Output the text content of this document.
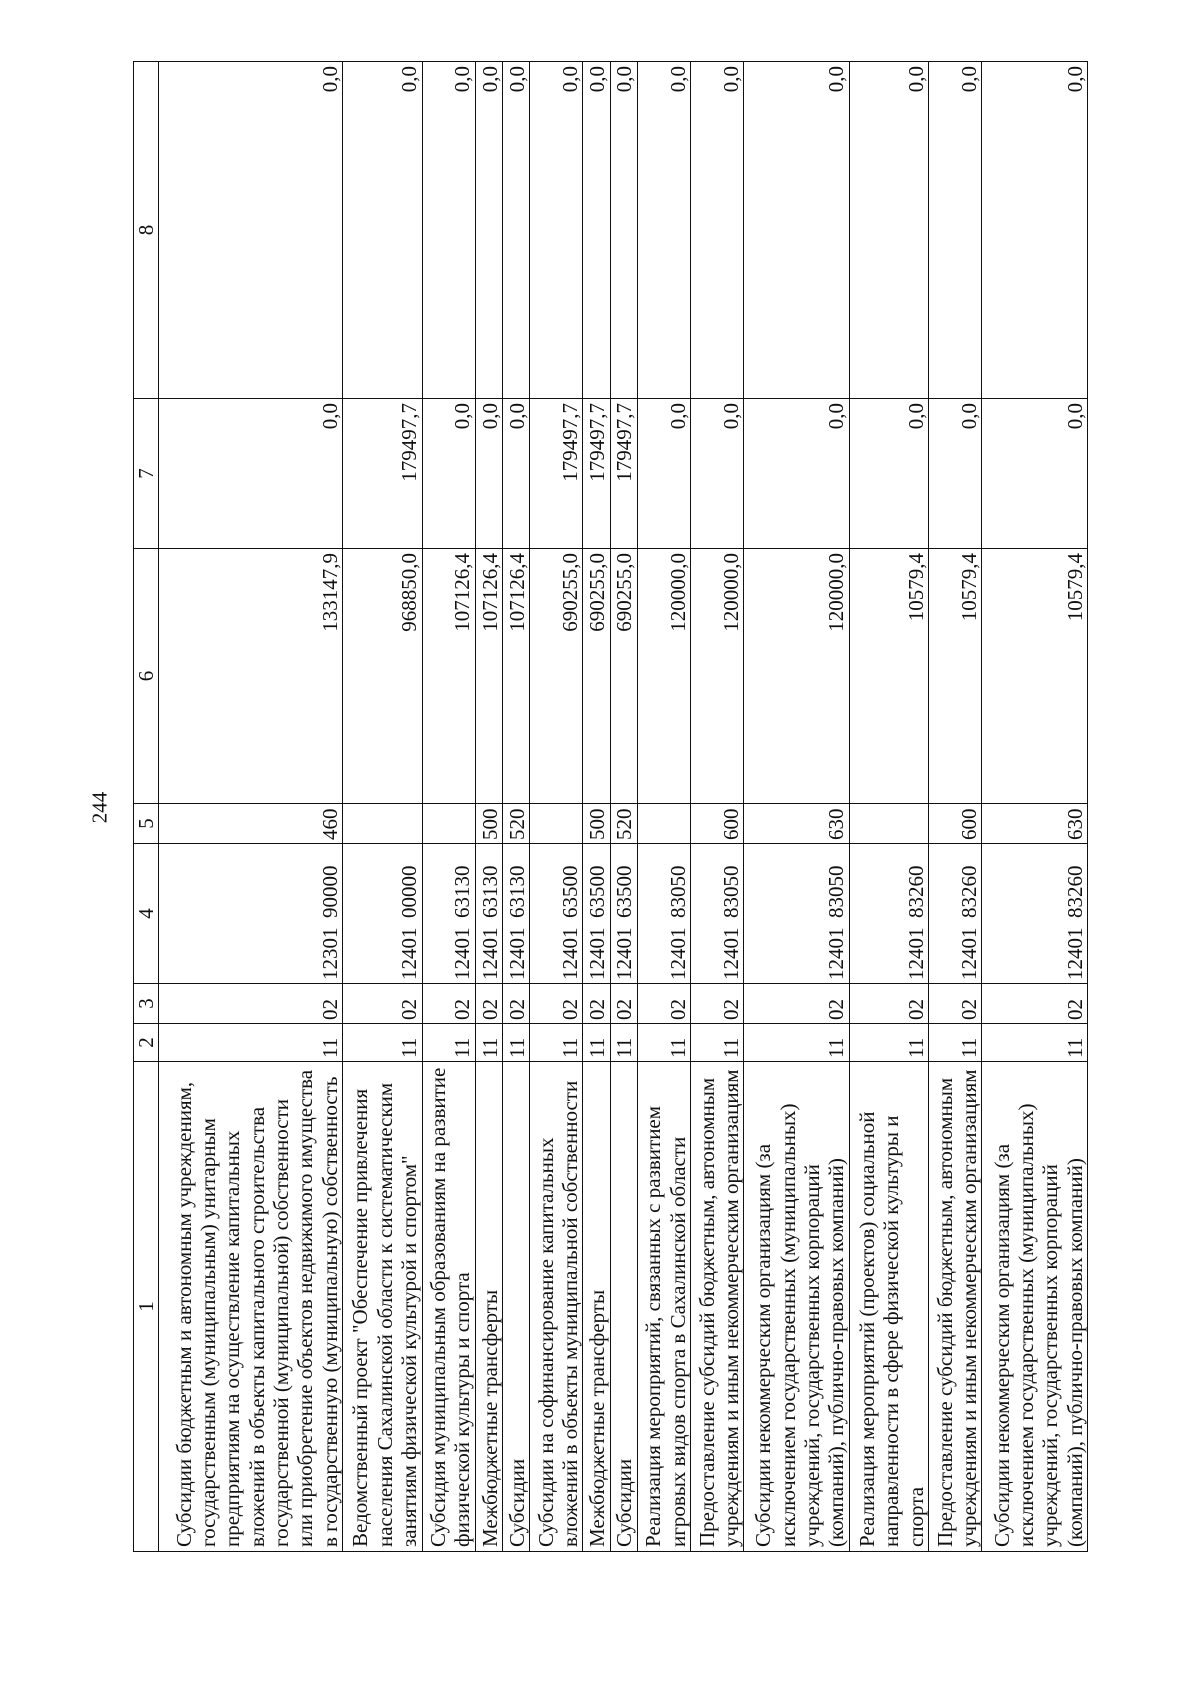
244
1	2	3	4	5	6	7	8
Субсидии бюджетным и автономным учреждениям, государственным (муниципальным) унитарным предприятиям на осуществление капитальных вложений в объекты капитального строительства государственной (муниципальной) собственности или приобретение объектов недвижимого имущества в государственную (муниципальную) собственность	11	02	1230190000	460	133147,9	0,0	0,0
Ведомственный проект "Обеспечение привлечения населения Сахалинской области к систематическим занятиям физической культурой и спортом"	11	02	1240100000		968850,0	179497,7	0,0
Субсидия муниципальным образованиям на развитие физической культуры и спорта	11	02	1240163130		107126,4	0,0	0,0
Межбюджетные трансферты	11	02	1240163130	500	107126,4	0,0	0,0
Субсидии	11	02	1240163130	520	107126,4	0,0	0,0
Субсидии на софинансирование капитальных вложений в объекты муниципальной собственности	11	02	1240163500		690255,0	179497,7	0,0
Межбюджетные трансферты	11	02	1240163500	500	690255,0	179497,7	0,0
Субсидии	11	02	1240163500	520	690255,0	179497,7	0,0
Реализация мероприятий, связанных с развитием игровых видов спорта в Сахалинской области	11	02	1240183050		120000,0	0,0	0,0
Предоставление субсидий бюджетным, автономным учреждениям и иным некоммерческим организациям	11	02	1240183050	600	120000,0	0,0	0,0
Субсидии некоммерческим организациям (за исключением государственных (муниципальных) учреждений, государственных корпораций (компаний), публично-правовых компаний)	11	02	1240183050	630	120000,0	0,0	0,0
Реализация мероприятий (проектов) социальной направленности в сфере физической культуры и спорта	11	02	1240183260		10579,4	0,0	0,0
Предоставление субсидий бюджетным, автономным учреждениям и иным некоммерческим организациям	11	02	1240183260	600	10579,4	0,0	0,0
Субсидии некоммерческим организациям (за исключением государственных (муниципальных) учреждений, государственных корпораций (компаний), публично-правовых компаний)	11	02	1240183260	630	10579,4	0,0	0,0
